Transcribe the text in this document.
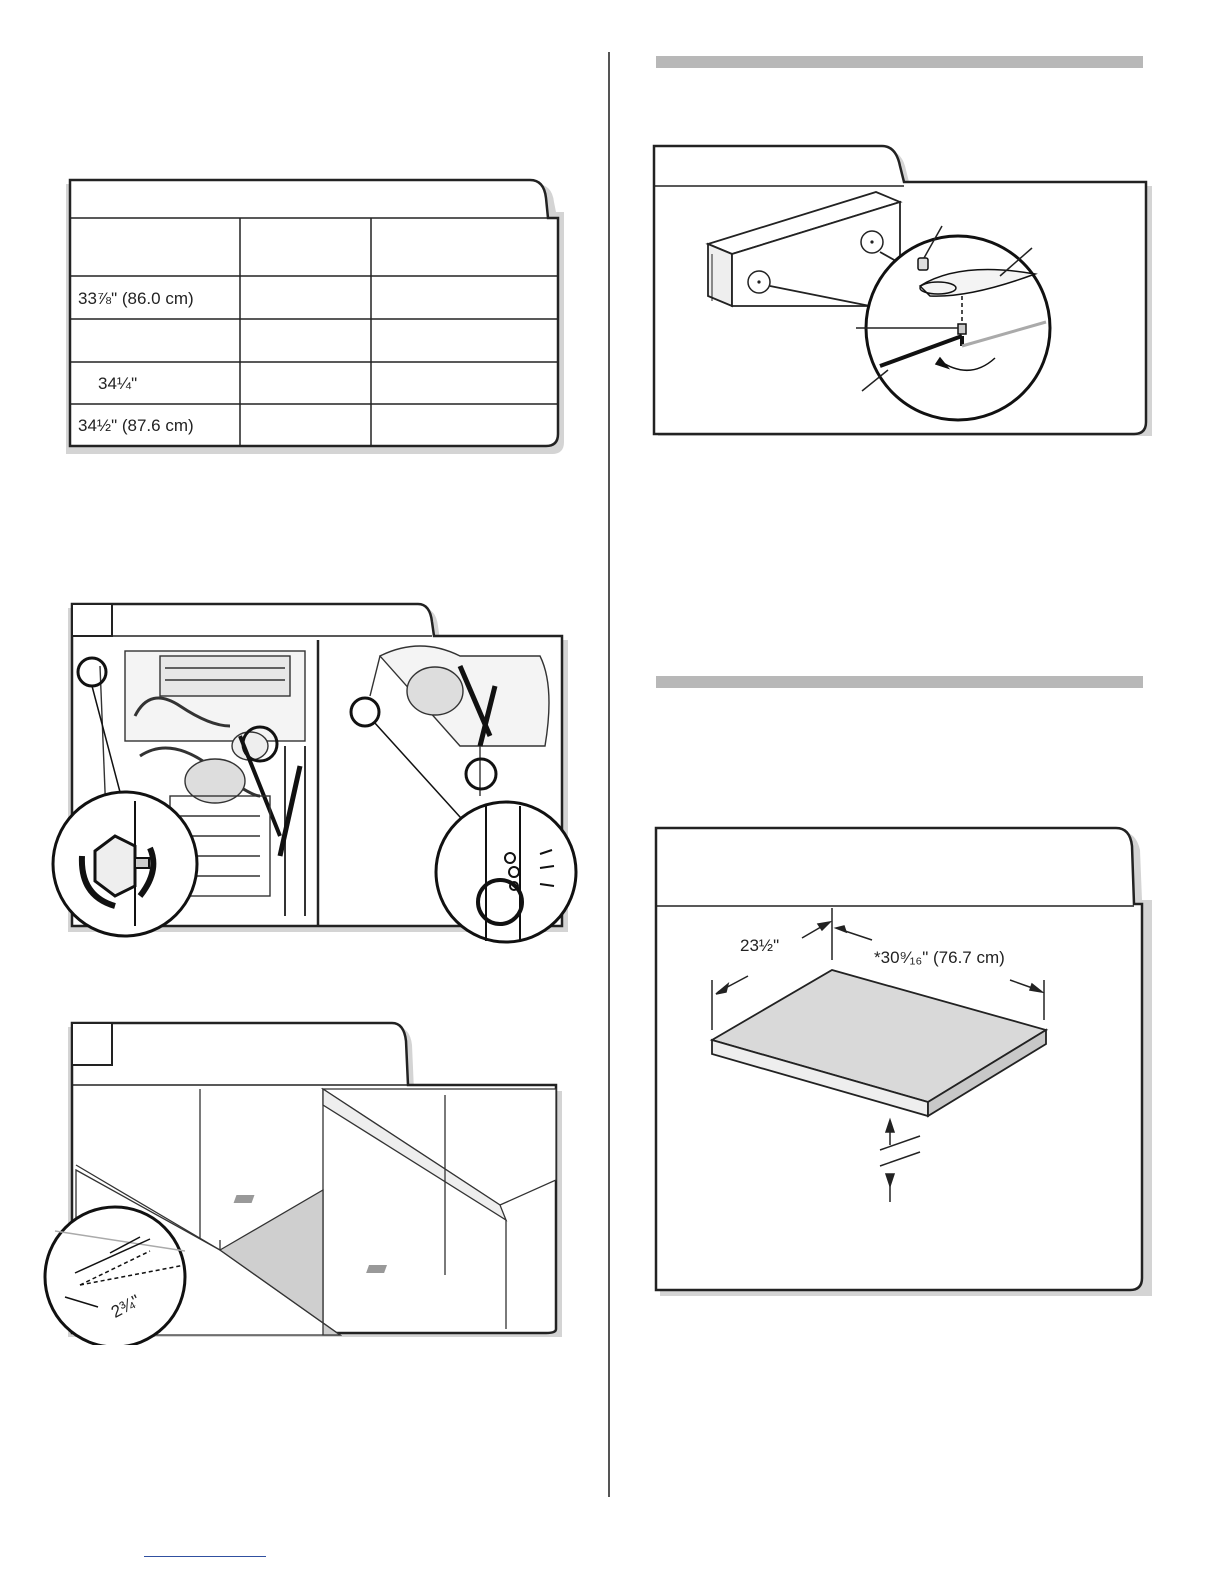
33⅞" (86.0 cm)
34¼"
34½" (87.6 cm)
2¾"
23½"
*30⁹⁄₁₆" (76.7 cm)
